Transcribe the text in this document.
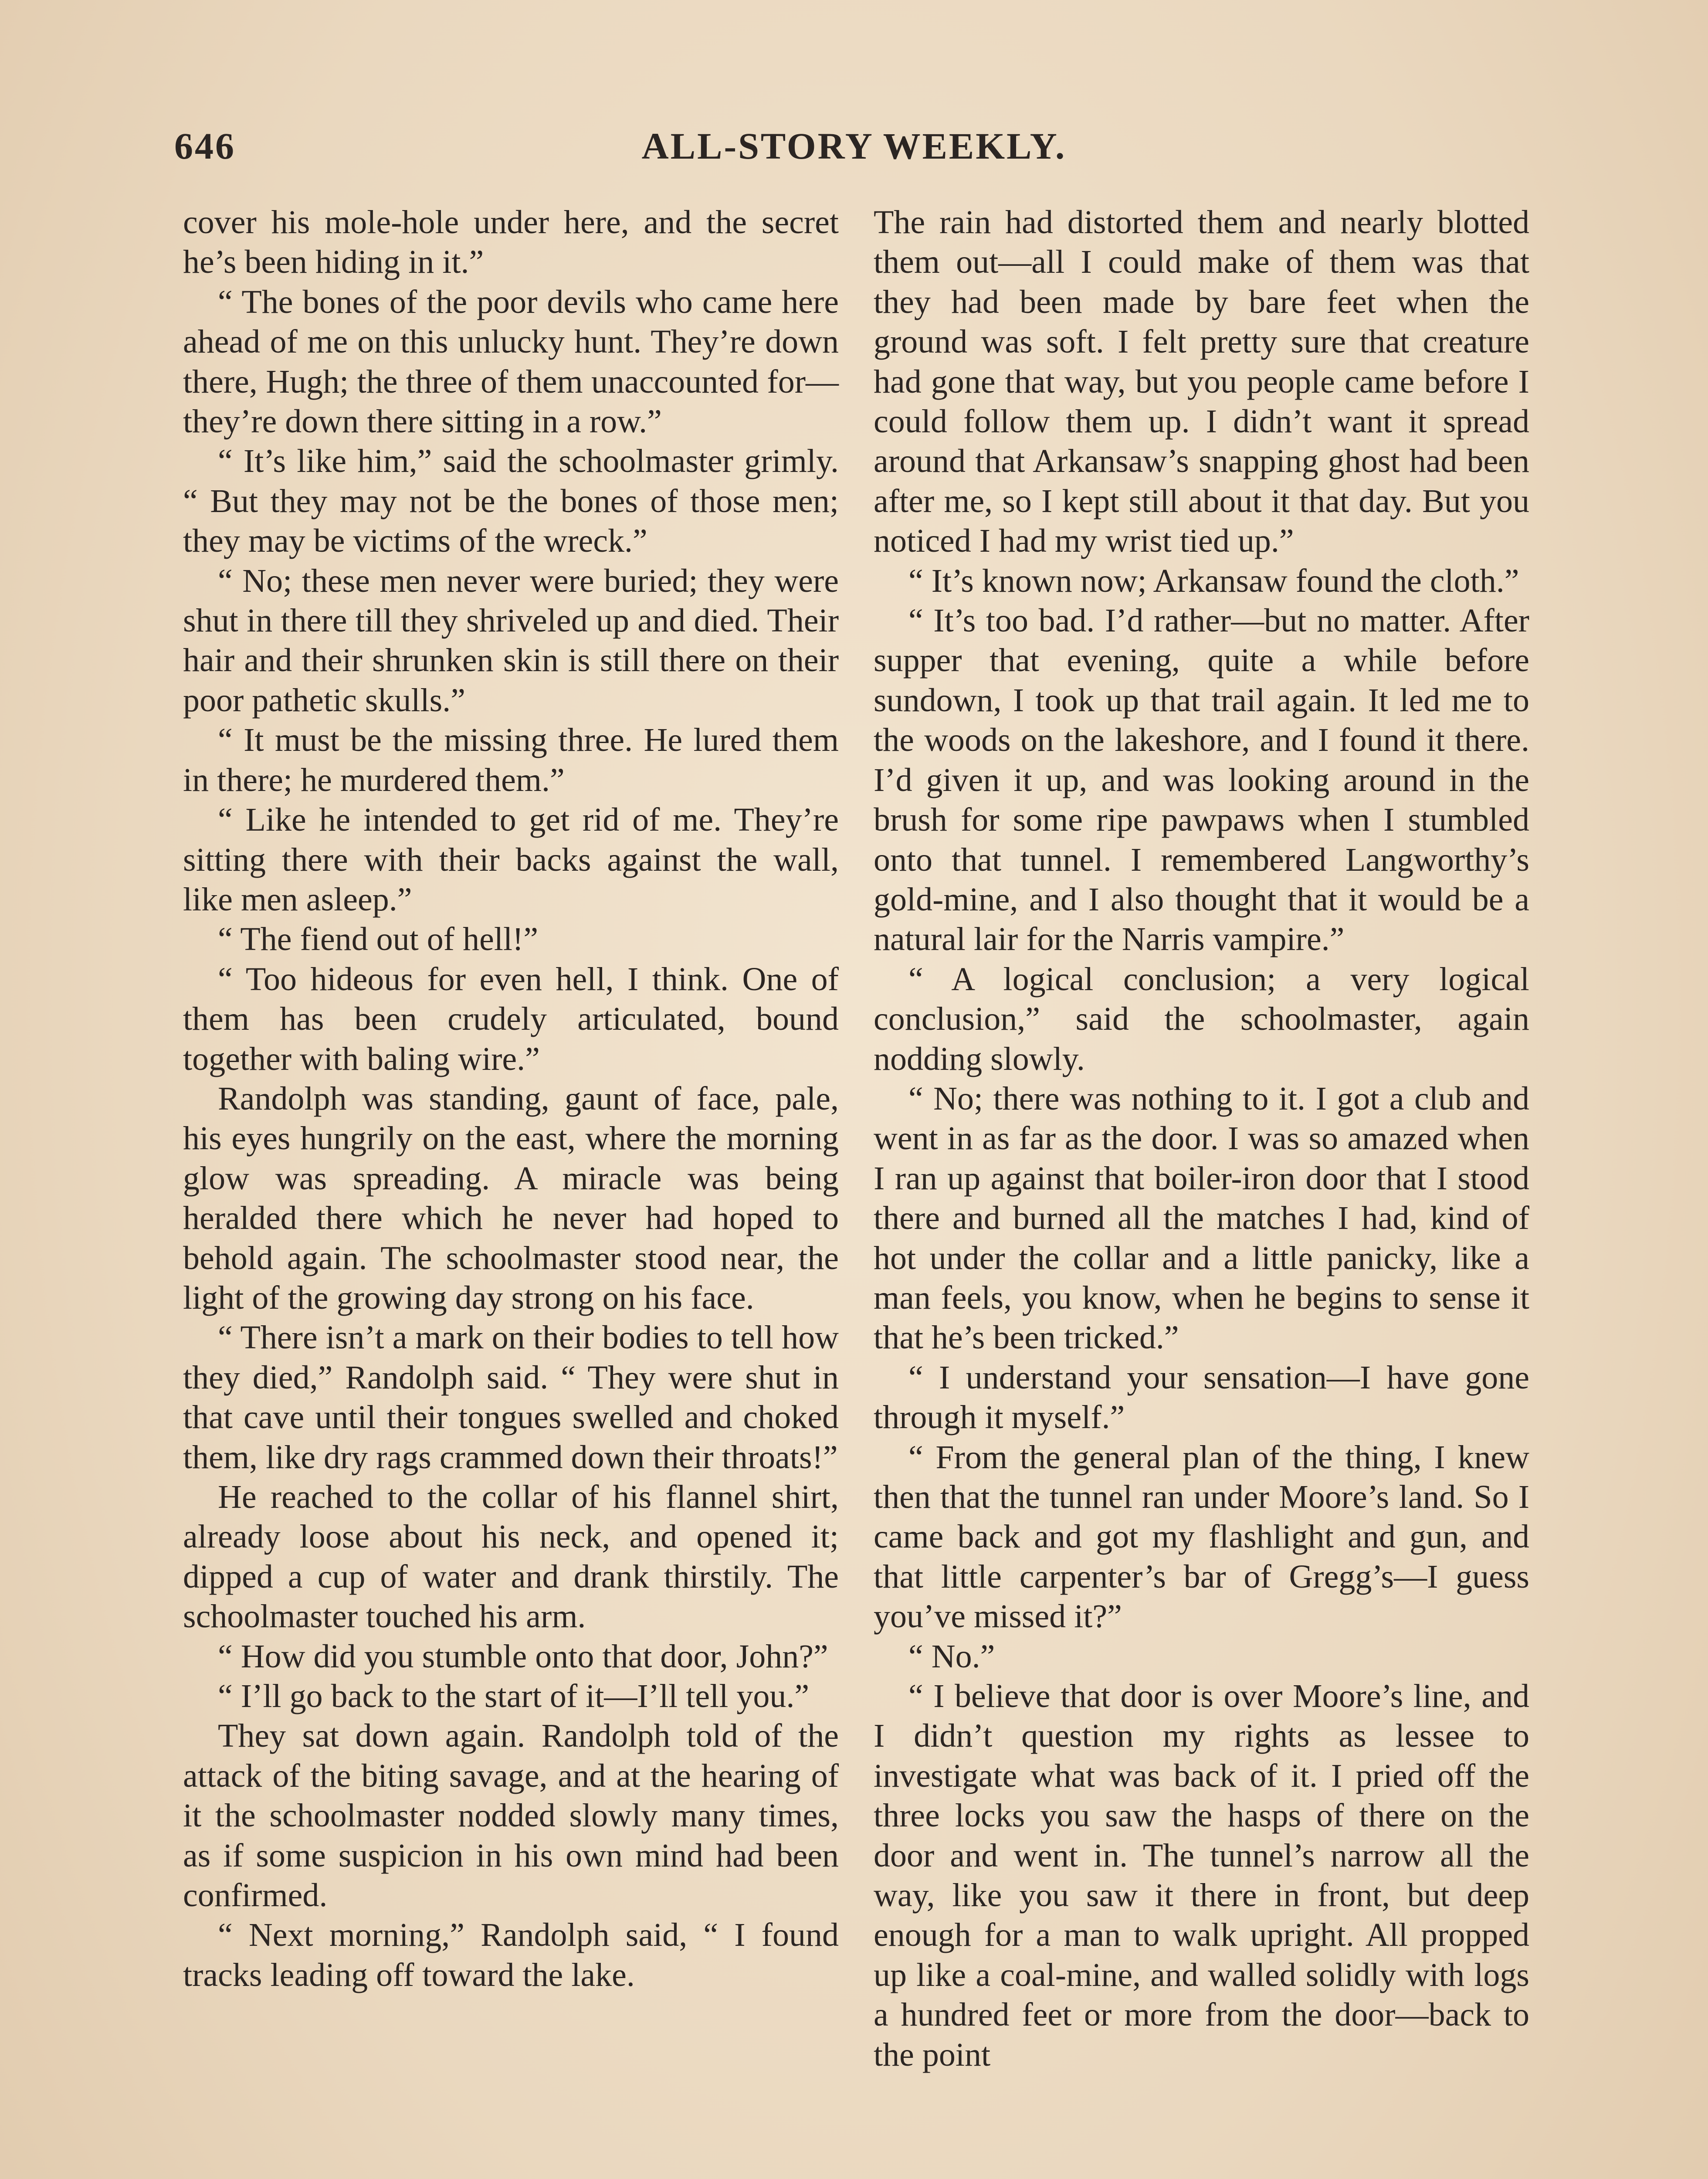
646	ALL-STORY WEEKLY.

cover his mole-hole under here, and the secret he’s been hiding in it.”

“ The bones of the poor devils who came here ahead of me on this unlucky hunt. They’re down there, Hugh; the three of them unaccounted for—they’re down there sitting in a row.”

“ It’s like him,” said the schoolmaster grimly. “ But they may not be the bones of those men; they may be victims of the wreck.”

“ No; these men never were buried; they were shut in there till they shriveled up and died. Their hair and their shrunken skin is still there on their poor pathetic skulls.”

“ It must be the missing three. He lured them in there; he murdered them.”

“ Like he intended to get rid of me. They’re sitting there with their backs against the wall, like men asleep.”

“ The fiend out of hell!”

“ Too hideous for even hell, I think. One of them has been crudely articulated, bound together with baling wire.”

Randolph was standing, gaunt of face, pale, his eyes hungrily on the east, where the morning glow was spreading. A miracle was being heralded there which he never had hoped to behold again. The schoolmaster stood near, the light of the growing day strong on his face.

“ There isn’t a mark on their bodies to tell how they died,” Randolph said. “ They were shut in that cave until their tongues swelled and choked them, like dry rags crammed down their throats!”

He reached to the collar of his flannel shirt, already loose about his neck, and opened it; dipped a cup of water and drank thirstily. The schoolmaster touched his arm.

“ How did you stumble onto that door, John?”

“ I’ll go back to the start of it—I’ll tell you.”

They sat down again. Randolph told of the attack of the biting savage, and at the hearing of it the schoolmaster nodded slowly many times, as if some suspicion in his own mind had been confirmed.

“ Next morning,” Randolph said, “ I found tracks leading off toward the lake.

The rain had distorted them and nearly blotted them out—all I could make of them was that they had been made by bare feet when the ground was soft. I felt pretty sure that creature had gone that way, but you people came before I could follow them up. I didn’t want it spread around that Arkansaw’s snapping ghost had been after me, so I kept still about it that day. But you noticed I had my wrist tied up.”

“ It’s known now; Arkansaw found the cloth.”

“ It’s too bad. I’d rather—but no matter. After supper that evening, quite a while before sundown, I took up that trail again. It led me to the woods on the lakeshore, and I found it there. I’d given it up, and was looking around in the brush for some ripe pawpaws when I stumbled onto that tunnel. I remembered Langworthy’s gold-mine, and I also thought that it would be a natural lair for the Narris vampire.”

“ A logical conclusion; a very logical conclusion,” said the schoolmaster, again nodding slowly.

“ No; there was nothing to it. I got a club and went in as far as the door. I was so amazed when I ran up against that boiler-iron door that I stood there and burned all the matches I had, kind of hot under the collar and a little panicky, like a man feels, you know, when he begins to sense it that he’s been tricked.”

“ I understand your sensation—I have gone through it myself.”

“ From the general plan of the thing, I knew then that the tunnel ran under Moore’s land. So I came back and got my flashlight and gun, and that little carpenter’s bar of Gregg’s—I guess you’ve missed it?”

“ No.”

“ I believe that door is over Moore’s line, and I didn’t question my rights as lessee to investigate what was back of it. I pried off the three locks you saw the hasps of there on the door and went in. The tunnel’s narrow all the way, like you saw it there in front, but deep enough for a man to walk upright. All propped up like a coal-mine, and walled solidly with logs a hundred feet or more from the door—back to the point
